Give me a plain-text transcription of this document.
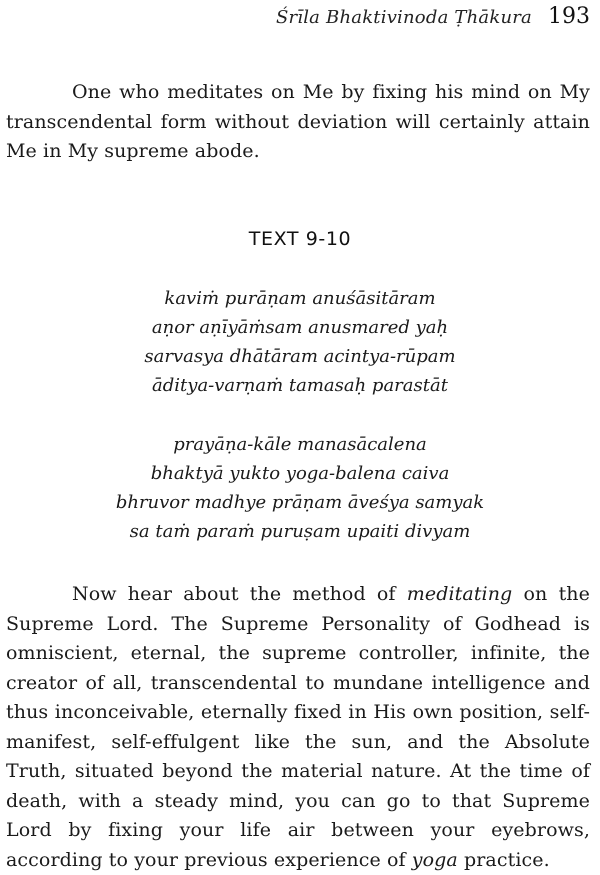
Śrīla Bhaktivinoda Ṭhākura 193

One who meditates on Me by fixing his mind on My transcendental form without deviation will certainly attain Me in My supreme abode.

TEXT 9-10
kaviṁ purāṇam anuśāsitāram
aṇor aṇīyāṁsam anusmared yaḥ
sarvasya dhātāram acintya-rūpam
āditya-varṇaṁ tamasaḥ parastāt
prayāṇa-kāle manasācalena
bhaktyā yukto yoga-balena caiva
bhruvor madhye prāṇam āveśya samyak
sa taṁ paraṁ puruṣam upaiti divyam

Now hear about the method of meditating on the Supreme Lord. The Supreme Personality of Godhead is omniscient, eternal, the supreme controller, infinite, the creator of all, transcendental to mundane intelligence and thus inconceivable, eternally fixed in His own position, self-manifest, self-effulgent like the sun, and the Absolute Truth, situated beyond the material nature. At the time of death, with a steady mind, you can go to that Supreme Lord by fixing your life air between your eyebrows, according to your previous experience of yoga practice.
